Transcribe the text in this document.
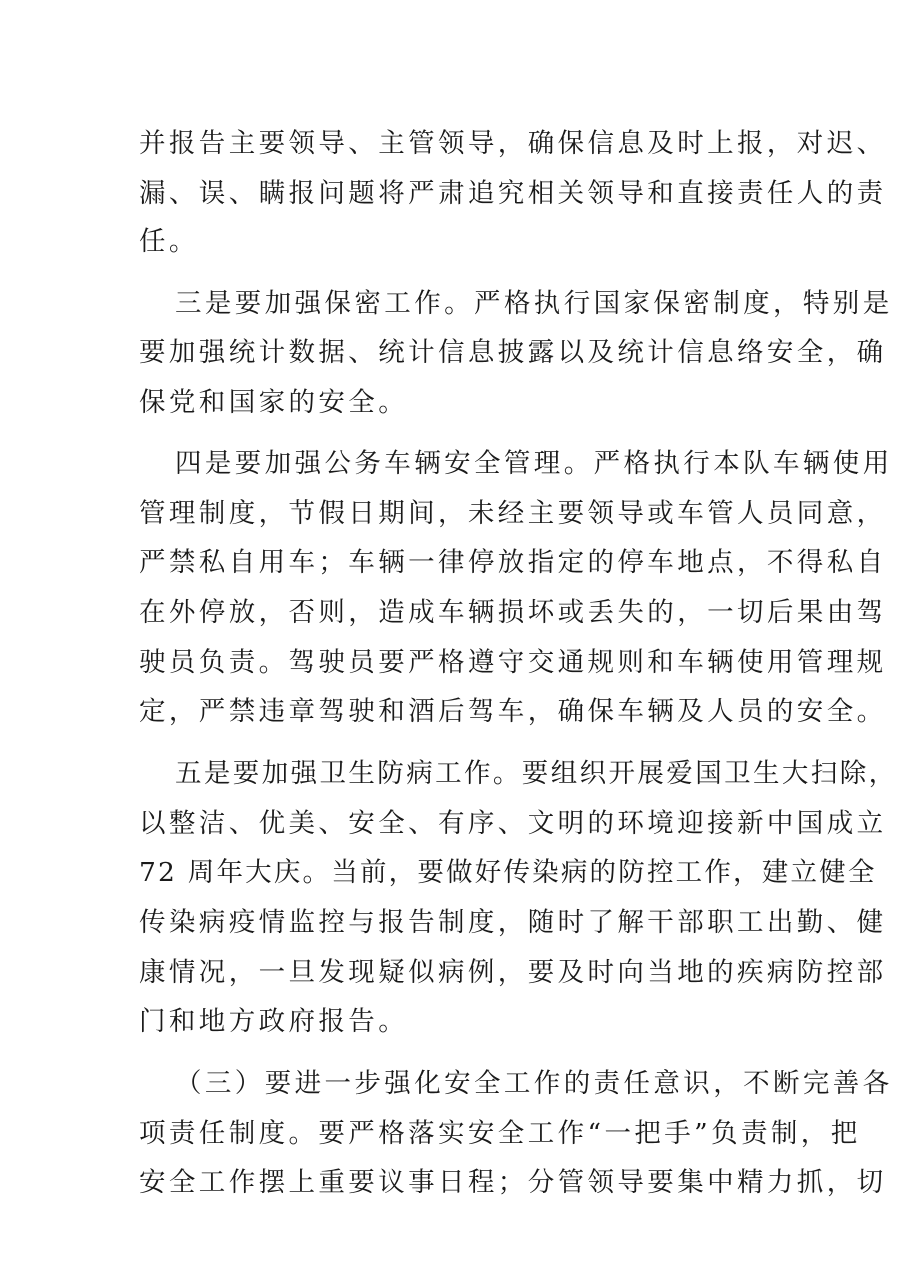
并报告主要领导、主管领导，确保信息及时上报，对迟、
漏、误、瞒报问题将严肃追究相关领导和直接责任人的责
任。
三是要加强保密工作。严格执行国家保密制度，特别是
要加强统计数据、统计信息披露以及统计信息络安全，确
保党和国家的安全。
四是要加强公务车辆安全管理。严格执行本队车辆使用
管理制度，节假日期间，未经主要领导或车管人员同意，
严禁私自用车；车辆一律停放指定的停车地点，不得私自
在外停放，否则，造成车辆损坏或丢失的，一切后果由驾
驶员负责。驾驶员要严格遵守交通规则和车辆使用管理规
定，严禁违章驾驶和酒后驾车，确保车辆及人员的安全。
五是要加强卫生防病工作。要组织开展爱国卫生大扫除，
以整洁、优美、安全、有序、文明的环境迎接新中国成立
72 周年大庆。当前，要做好传染病的防控工作，建立健全
传染病疫情监控与报告制度，随时了解干部职工出勤、健
康情况，一旦发现疑似病例，要及时向当地的疾病防控部
门和地方政府报告。
（三）要进一步强化安全工作的责任意识，不断完善各
项责任制度。要严格落实安全工作“一把手”负责制，把
安全工作摆上重要议事日程；分管领导要集中精力抓，切
